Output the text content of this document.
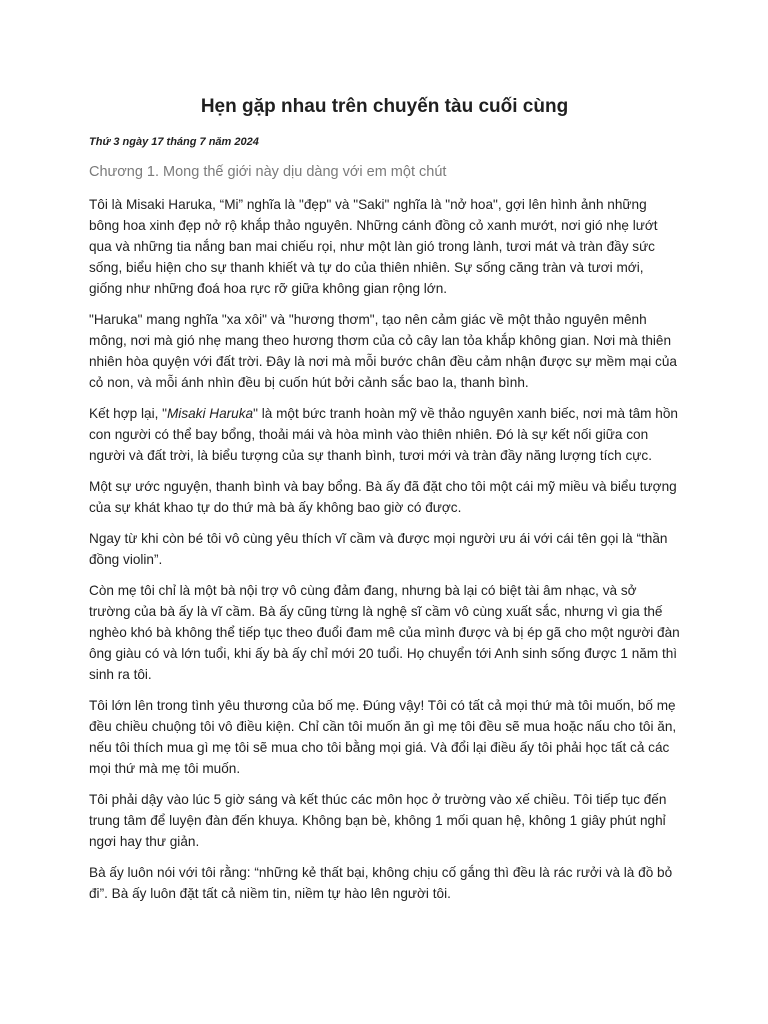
Hẹn gặp nhau trên chuyến tàu cuối cùng
Thứ 3 ngày 17 tháng 7 năm 2024
Chương 1. Mong thế giới này dịu dàng với em một chút

Tôi là Misaki Haruka, “Mi” nghĩa là "đẹp" và "Saki" nghĩa là "nở hoa", gợi lên hình ảnh những bông hoa xinh đẹp nở rộ khắp thảo nguyên. Những cánh đồng cỏ xanh mướt, nơi gió nhẹ lướt qua và những tia nắng ban mai chiếu rọi, như một làn gió trong lành, tươi mát và tràn đầy sức sống, biểu hiện cho sự thanh khiết và tự do của thiên nhiên. Sự sống căng tràn và tươi mới, giống như những đoá hoa rực rỡ giữa không gian rộng lớn.

"Haruka" mang nghĩa "xa xôi" và "hương thơm", tạo nên cảm giác về một thảo nguyên mênh mông, nơi mà gió nhẹ mang theo hương thơm của cỏ cây lan tỏa khắp không gian. Nơi mà thiên nhiên hòa quyện với đất trời. Đây là nơi mà mỗi bước chân đều cảm nhận được sự mềm mại của cỏ non, và mỗi ánh nhìn đều bị cuốn hút bởi cảnh sắc bao la, thanh bình.

Kết hợp lại, "Misaki Haruka" là một bức tranh hoàn mỹ về thảo nguyên xanh biếc, nơi mà tâm hồn con người có thể bay bổng, thoải mái và hòa mình vào thiên nhiên. Đó là sự kết nối giữa con người và đất trời, là biểu tượng của sự thanh bình, tươi mới và tràn đầy năng lượng tích cực.

Một sự ước nguyện, thanh bình và bay bổng. Bà ấy đã đặt cho tôi một cái mỹ miều và biểu tượng của sự khát khao tự do thứ mà bà ấy không bao giờ có được.

Ngay từ khi còn bé tôi vô cùng yêu thích vĩ cầm và được mọi người ưu ái với cái tên gọi là “thần đồng violin”.

Còn mẹ tôi chỉ là một bà nội trợ vô cùng đảm đang, nhưng bà lại có biệt tài âm nhạc, và sở trường của bà ấy là vĩ cầm. Bà ấy cũng từng là nghệ sĩ cầm vô cùng xuất sắc, nhưng vì gia thế nghèo khó bà không thể tiếp tục theo đuổi đam mê của mình được và bị ép gã cho một người đàn ông giàu có và lớn tuổi, khi ấy bà ấy chỉ mới 20 tuổi. Họ chuyển tới Anh sinh sống được 1 năm thì sinh ra tôi.

Tôi lớn lên trong tình yêu thương của bố mẹ. Đúng vậy! Tôi có tất cả mọi thứ mà tôi muốn, bố mẹ đều chiều chuộng tôi vô điều kiện. Chỉ cần tôi muốn ăn gì mẹ tôi đều sẽ mua hoặc nấu cho tôi ăn, nếu tôi thích mua gì mẹ tôi sẽ mua cho tôi bằng mọi giá. Và đổi lại điều ấy tôi phải học tất cả các mọi thứ mà mẹ tôi muốn.

Tôi phải dậy vào lúc 5 giờ sáng và kết thúc các môn học ở trường vào xế chiều. Tôi tiếp tục đến trung tâm để luyện đàn đến khuya. Không bạn bè, không 1 mối quan hệ, không 1 giây phút nghỉ ngơi hay thư giản.

Bà ấy luôn nói với tôi rằng: “những kẻ thất bại, không chịu cố gắng thì đều là rác rưởi và là đồ bỏ đi”. Bà ấy luôn đặt tất cả niềm tin, niềm tự hào lên người tôi.
